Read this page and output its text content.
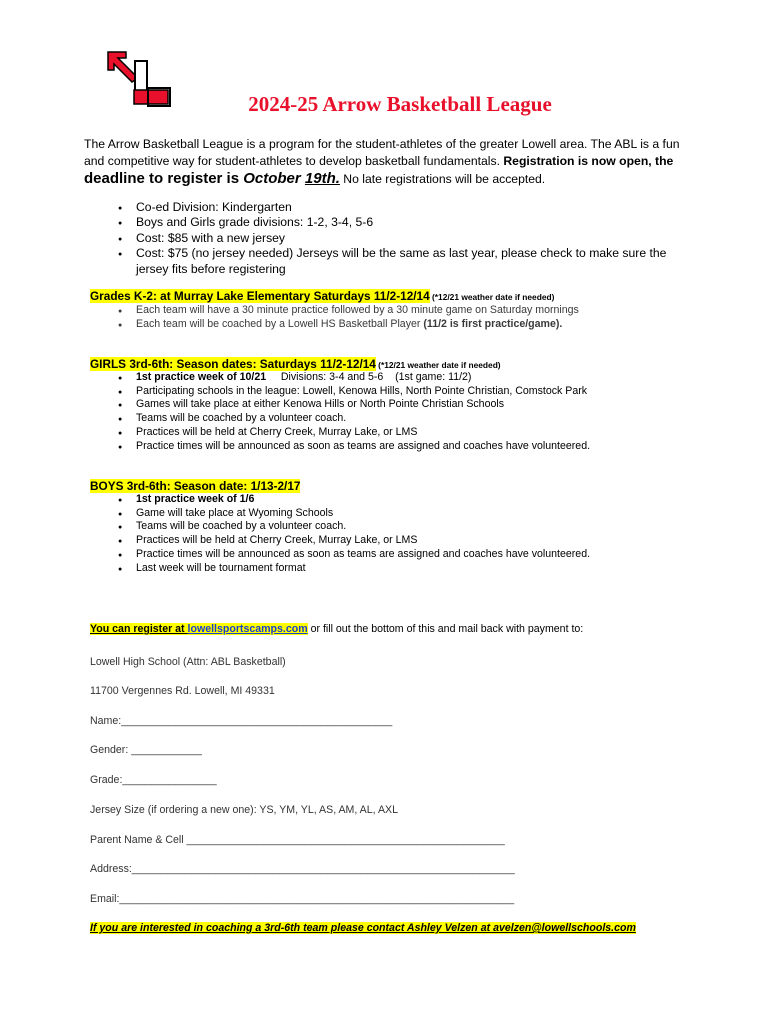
2024-25 Arrow Basketball League
The Arrow Basketball League is a program for the student-athletes of the greater Lowell area. The ABL is a fun and competitive way for student-athletes to develop basketball fundamentals. Registration is now open, the deadline to register is October 19th. No late registrations will be accepted.
● Co-ed Division: Kindergarten
● Boys and Girls grade divisions: 1-2, 3-4, 5-6
● Cost: $85 with a new jersey
● Cost: $75 (no jersey needed) Jerseys will be the same as last year, please check to make sure the jersey fits before registering
Grades K-2: at Murray Lake Elementary Saturdays 11/2-12/14 (*12/21 weather date if needed)
● Each team will have a 30 minute practice followed by a 30 minute game on Saturday mornings
● Each team will be coached by a Lowell HS Basketball Player (11/2 is first practice/game).
GIRLS 3rd-6th: Season dates: Saturdays 11/2-12/14 (*12/21 weather date if needed)
● 1st practice week of 10/21     Divisions: 3-4 and 5-6    (1st game: 11/2)
● Participating schools in the league: Lowell, Kenowa Hills, North Pointe Christian, Comstock Park
● Games will take place at either Kenowa Hills or North Pointe Christian Schools
● Teams will be coached by a volunteer coach.
● Practices will be held at Cherry Creek, Murray Lake, or LMS
● Practice times will be announced as soon as teams are assigned and coaches have volunteered.
BOYS 3rd-6th: Season date: 1/13-2/17
● 1st practice week of 1/6
● Game will take place at Wyoming Schools
● Teams will be coached by a volunteer coach.
● Practices will be held at Cherry Creek, Murray Lake, or LMS
● Practice times will be announced as soon as teams are assigned and coaches have volunteered.
● Last week will be tournament format
You can register at lowellsportscamps.com or fill out the bottom of this and mail back with payment to:
Lowell High School (Attn: ABL Basketball)
11700 Vergennes Rd. Lowell, MI 49331
Name:______________________________________________
Gender: ____________
Grade:________________
Jersey Size (if ordering a new one): YS, YM, YL, AS, AM, AL, AXL
Parent Name & Cell ______________________________________________________
Address:_________________________________________________________________
Email:___________________________________________________________________
If you are interested in coaching a 3rd-6th team please contact Ashley Velzen at avelzen@lowellschools.com
